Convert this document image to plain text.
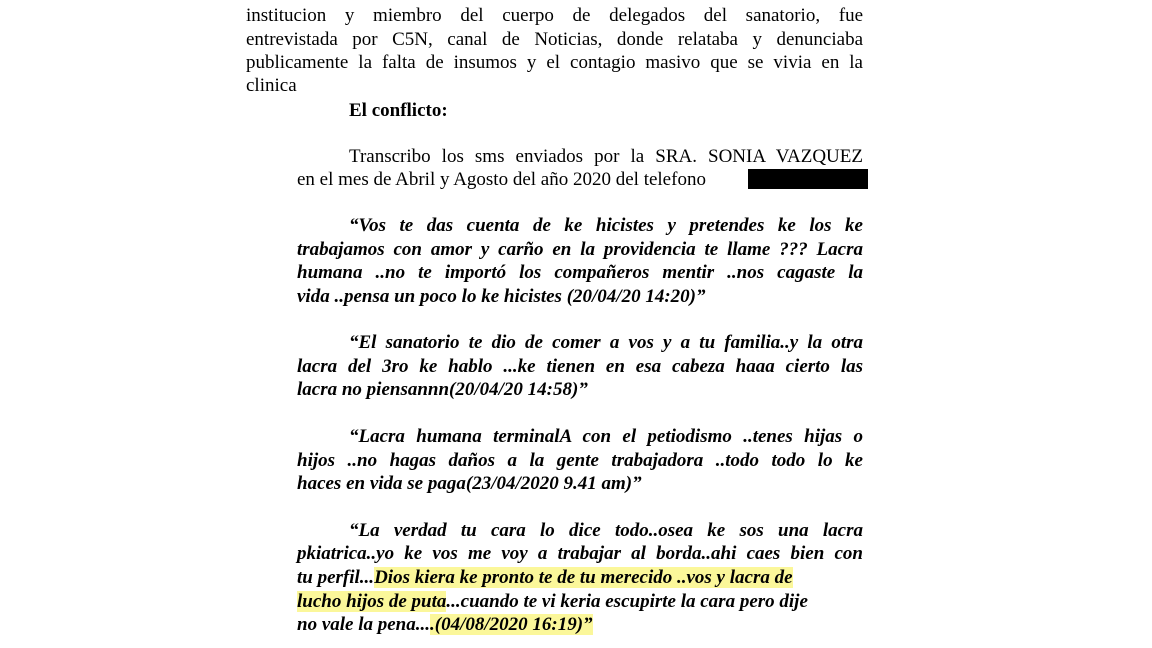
institucion y miembro del cuerpo de delegados del sanatorio, fue
entrevistada por C5N, canal de Noticias, donde relataba y denunciaba
publicamente la falta de insumos y el contagio masivo que se vivia en la
clinica
El conflicto:
Transcribo los sms enviados por la SRA. SONIA VAZQUEZ
en el mes de Abril y Agosto del año 2020 del telefono
“Vos te das cuenta de ke hicistes y pretendes ke los ke
trabajamos con amor y carño en la providencia te llame ??? Lacra
humana ..no te importó los compañeros mentir ..nos cagaste la
vida ..pensa un poco lo ke hicistes (20/04/20 14:20)”
“El sanatorio te dio de comer a vos y a tu familia..y la otra
lacra del 3ro ke hablo ...ke tienen en esa cabeza haaa cierto las
lacra no piensannn(20/04/20 14:58)”
“Lacra humana terminalA con el petiodismo ..tenes hijas o
hijos ..no hagas daños a la gente trabajadora ..todo todo lo ke
haces en vida se paga(23/04/2020 9.41 am)”
“La verdad tu cara lo dice todo..osea ke sos una lacra
pkiatrica..yo ke vos me voy a trabajar al borda..ahi caes bien con
tu perfil...Dios kiera ke pronto te de tu merecido ..vos y lacra de
lucho hijos de puta...cuando te vi keria escupirte la cara pero dije
no vale la pena....(04/08/2020 16:19)”
